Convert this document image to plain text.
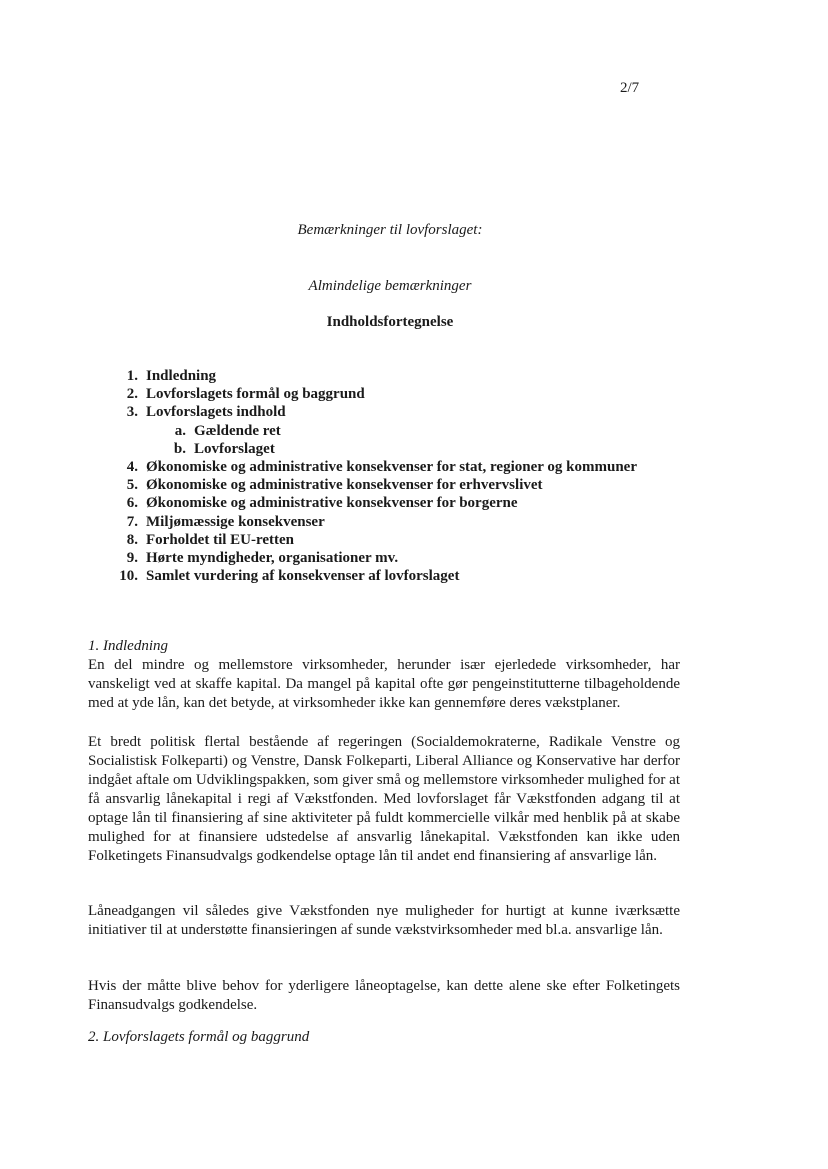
2/7
Bemærkninger til lovforslaget:
Almindelige bemærkninger
Indholdsfortegnelse
1. Indledning
2. Lovforslagets formål og baggrund
3. Lovforslagets indhold
a. Gældende ret
b. Lovforslaget
4. Økonomiske og administrative konsekvenser for stat, regioner og kommuner
5. Økonomiske og administrative konsekvenser for erhvervslivet
6. Økonomiske og administrative konsekvenser for borgerne
7. Miljømæssige konsekvenser
8. Forholdet til EU-retten
9. Hørte myndigheder, organisationer mv.
10. Samlet vurdering af konsekvenser af lovforslaget

1. Indledning

En del mindre og mellemstore virksomheder, herunder især ejerledede virksomheder, har vanskeligt ved at skaffe kapital. Da mangel på kapital ofte gør pengeinstitutterne tilbageholdende med at yde lån, kan det betyde, at virksomheder ikke kan gennemføre deres vækstplaner.

Et bredt politisk flertal bestående af regeringen (Socialdemokraterne, Radikale Venstre og Socialistisk Folkeparti) og Venstre, Dansk Folkeparti, Liberal Alliance og Konservative har derfor indgået aftale om Udviklingspakken, som giver små og mellemstore virksomheder mulighed for at få ansvarlig lånekapital i regi af Vækstfonden. Med lovforslaget får Vækstfonden adgang til at optage lån til finansiering af sine aktiviteter på fuldt kommercielle vilkår med henblik på at skabe mulighed for at finansiere udstedelse af ansvarlig lånekapital. Vækstfonden kan ikke uden Folketingets Finansudvalgs godkendelse optage lån til andet end finansiering af ansvarlige lån.

Låneadgangen vil således give Vækstfonden nye muligheder for hurtigt at kunne iværksætte initiativer til at understøtte finansieringen af sunde vækstvirksomheder med bl.a. ansvarlige lån.

Hvis der måtte blive behov for yderligere låneoptagelse, kan dette alene ske efter Folketingets Finansudvalgs godkendelse.

2. Lovforslagets formål og baggrund
